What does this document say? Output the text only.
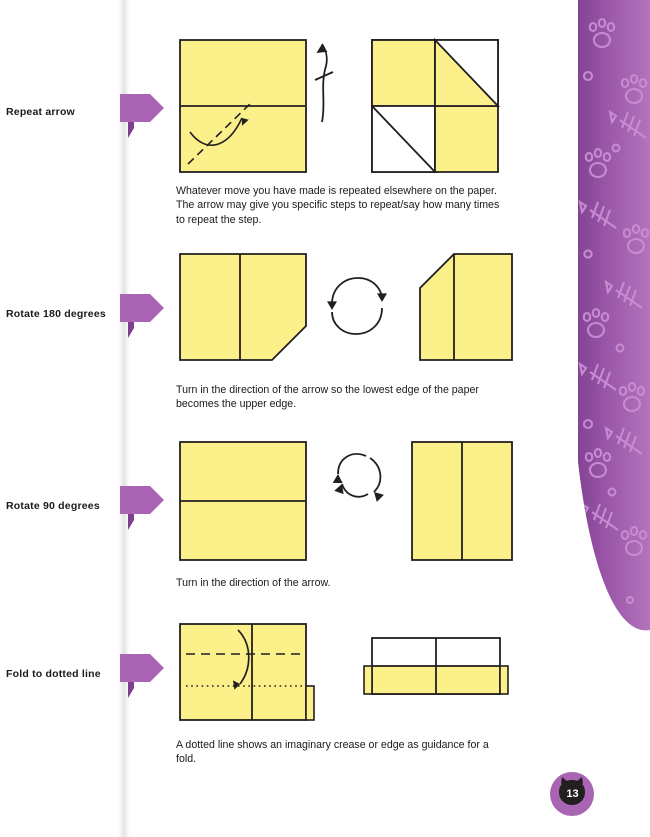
Repeat arrow
Whatever move you have made is repeated elsewhere on the paper. The arrow may give you specific steps to repeat/say how many times to repeat the step.
Rotate 180 degrees
Turn in the direction of the arrow so the lowest edge of the paper becomes the upper edge.
Rotate 90 degrees
Turn in the direction of the arrow.
Fold to dotted line
A dotted line shows an imaginary crease or edge as guidance for a fold.
13
